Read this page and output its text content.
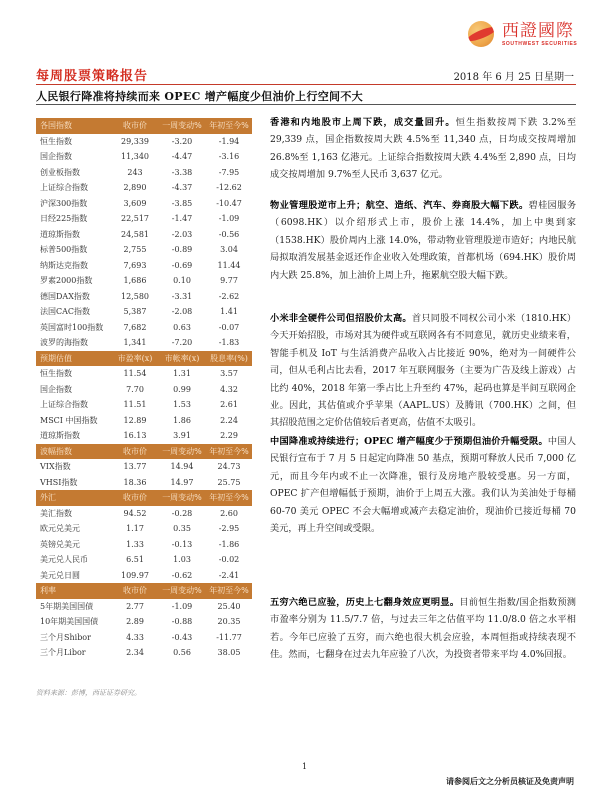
西證國際
SOUTHWEST SECURITIES
每周股票策略报告	2018 年 6 月 25 日星期一
人民银行降准将持续而来 OPEC 增产幅度少但油价上行空间不大
各国指数	收市价	一周变动% 年初至今%
恒生指数	29,339	-3.20	-1.94
国企指数	11,340	-4.47	-3.16
创业板指数	243	-3.38	-7.95
上证综合指数	2,890	-4.37	-12.62
沪深300指数	3,609	-3.85	-10.47
日经225指数	22,517	-1.47	-1.09
道琼斯指数	24,581	-2.03	-0.56
标普500指数	2,755	-0.89	3.04
纳斯达克指数	7,693	-0.69	11.44
罗素2000指数	1,686	0.10	9.77
德国DAX指数	12,580	-3.31	-2.62
法国CAC指数	5,387	-2.08	1.41
英国富时100指数	7,682	0.63	-0.07
波罗的海指数	1,341	-7.20	-1.83
预期估值	市盈率(x)	市帐率(x)	股息率(%)
恒生指数	11.54	1.31	3.57
国企指数	7.70	0.99	4.32
上证综合指数	11.51	1.53	2.61
MSCI 中国指数	12.89	1.86	2.24
道琼斯指数	16.13	3.91	2.29
波幅指数	收市价	一周变动% 年初至今%
VIX指数	13.77	14.94	24.73
VHSI指数	18.36	14.97	25.75
外汇	收市价	一周变动% 年初至今%
美汇指数	94.52	-0.28	2.60
欧元兑美元	1.17	0.35	-2.95
英镑兑美元	1.33	-0.13	-1.86
美元兑人民币	6.51	1.03	-0.02
美元兑日圆	109.97	-0.62	-2.41
利率	收市价	一周变动% 年初至今%
5年期美国国债	2.77	-1.09	25.40
10年期美国国债	2.89	-0.88	20.35
三个月Shibor	4.33	-0.43	-11.77
三个月Libor	2.34	0.56	38.05
资料来源：彭博，西证证券研究。
香港和内地股市上周下跌，成交量回升。恒生指数按周下跌 3.2%至 29,339 点，国企指数按周大跌 4.5%至 11,340 点，日均成交按周增加 26.8%至 1,163 亿港元。上证综合指数按周大跌 4.4%至 2,890 点，日均成交按周增加 9.7%至人民币 3,637 亿元。
物业管理股逆市上升；航空、造纸、汽车、券商股大幅下跌。碧桂园服务（6098.HK）以介绍形式上市，股价上涨 14.4%，加上中奥到家（1538.HK）股价周内上涨 14.0%，带动物业管理股逆市造好；内地民航局拟取消发展基金返还作企业收入处理政策，首都机场（694.HK）股价周内大跌 25.8%，加上油价上周上升，拖累航空股大幅下跌。
小米非全硬件公司但招股价太高。首只同股不同权公司小米（1810.HK）今天开始招股，市场对其为硬件或互联网各有不同意见，就历史业绩来看，智能手机及 IoT 与生活消费产品收入占比接近 90%，绝对为一间硬件公司，但从毛利占比去看，2017 年互联网服务（主要为广告及线上游戏）占比约 40%，2018 年第一季占比上升至约 47%，起码也算是半间互联网企业。因此，其估值或介乎苹果（AAPL.US）及腾讯（700.HK）之间，但其招股范围之定价估值较后者更高，估值不太吸引。
中国降准或持续进行；OPEC 增产幅度少于预期但油价升幅受限。中国人民银行宣布于 7 月 5 日起定向降准 50 基点，预期可释放人民币 7,000 亿元，而且今年内或不止一次降准，银行及房地产股较受惠。另一方面，OPEC 扩产但增幅低于预期，油价于上周五大涨。我们认为美油处于每桶 60-70 美元 OPEC 不会大幅增或减产去稳定油价，现油价已接近每桶 70 美元，再上升空间或受限。
五穷六绝已应验，历史上七翻身效应更明显。目前恒生指数/国企指数预测市盈率分别为 11.5/7.7 倍，与过去三年之估值平均 11.0/8.0 倍之水平相若。今年已应验了五穷，而六绝也很大机会应验，本周恒指或持续表现不佳。然而，七翻身在过去九年应验了八次，为投资者带来平均 4.0%回报。
1
请参阅后文之分析员核证及免责声明
